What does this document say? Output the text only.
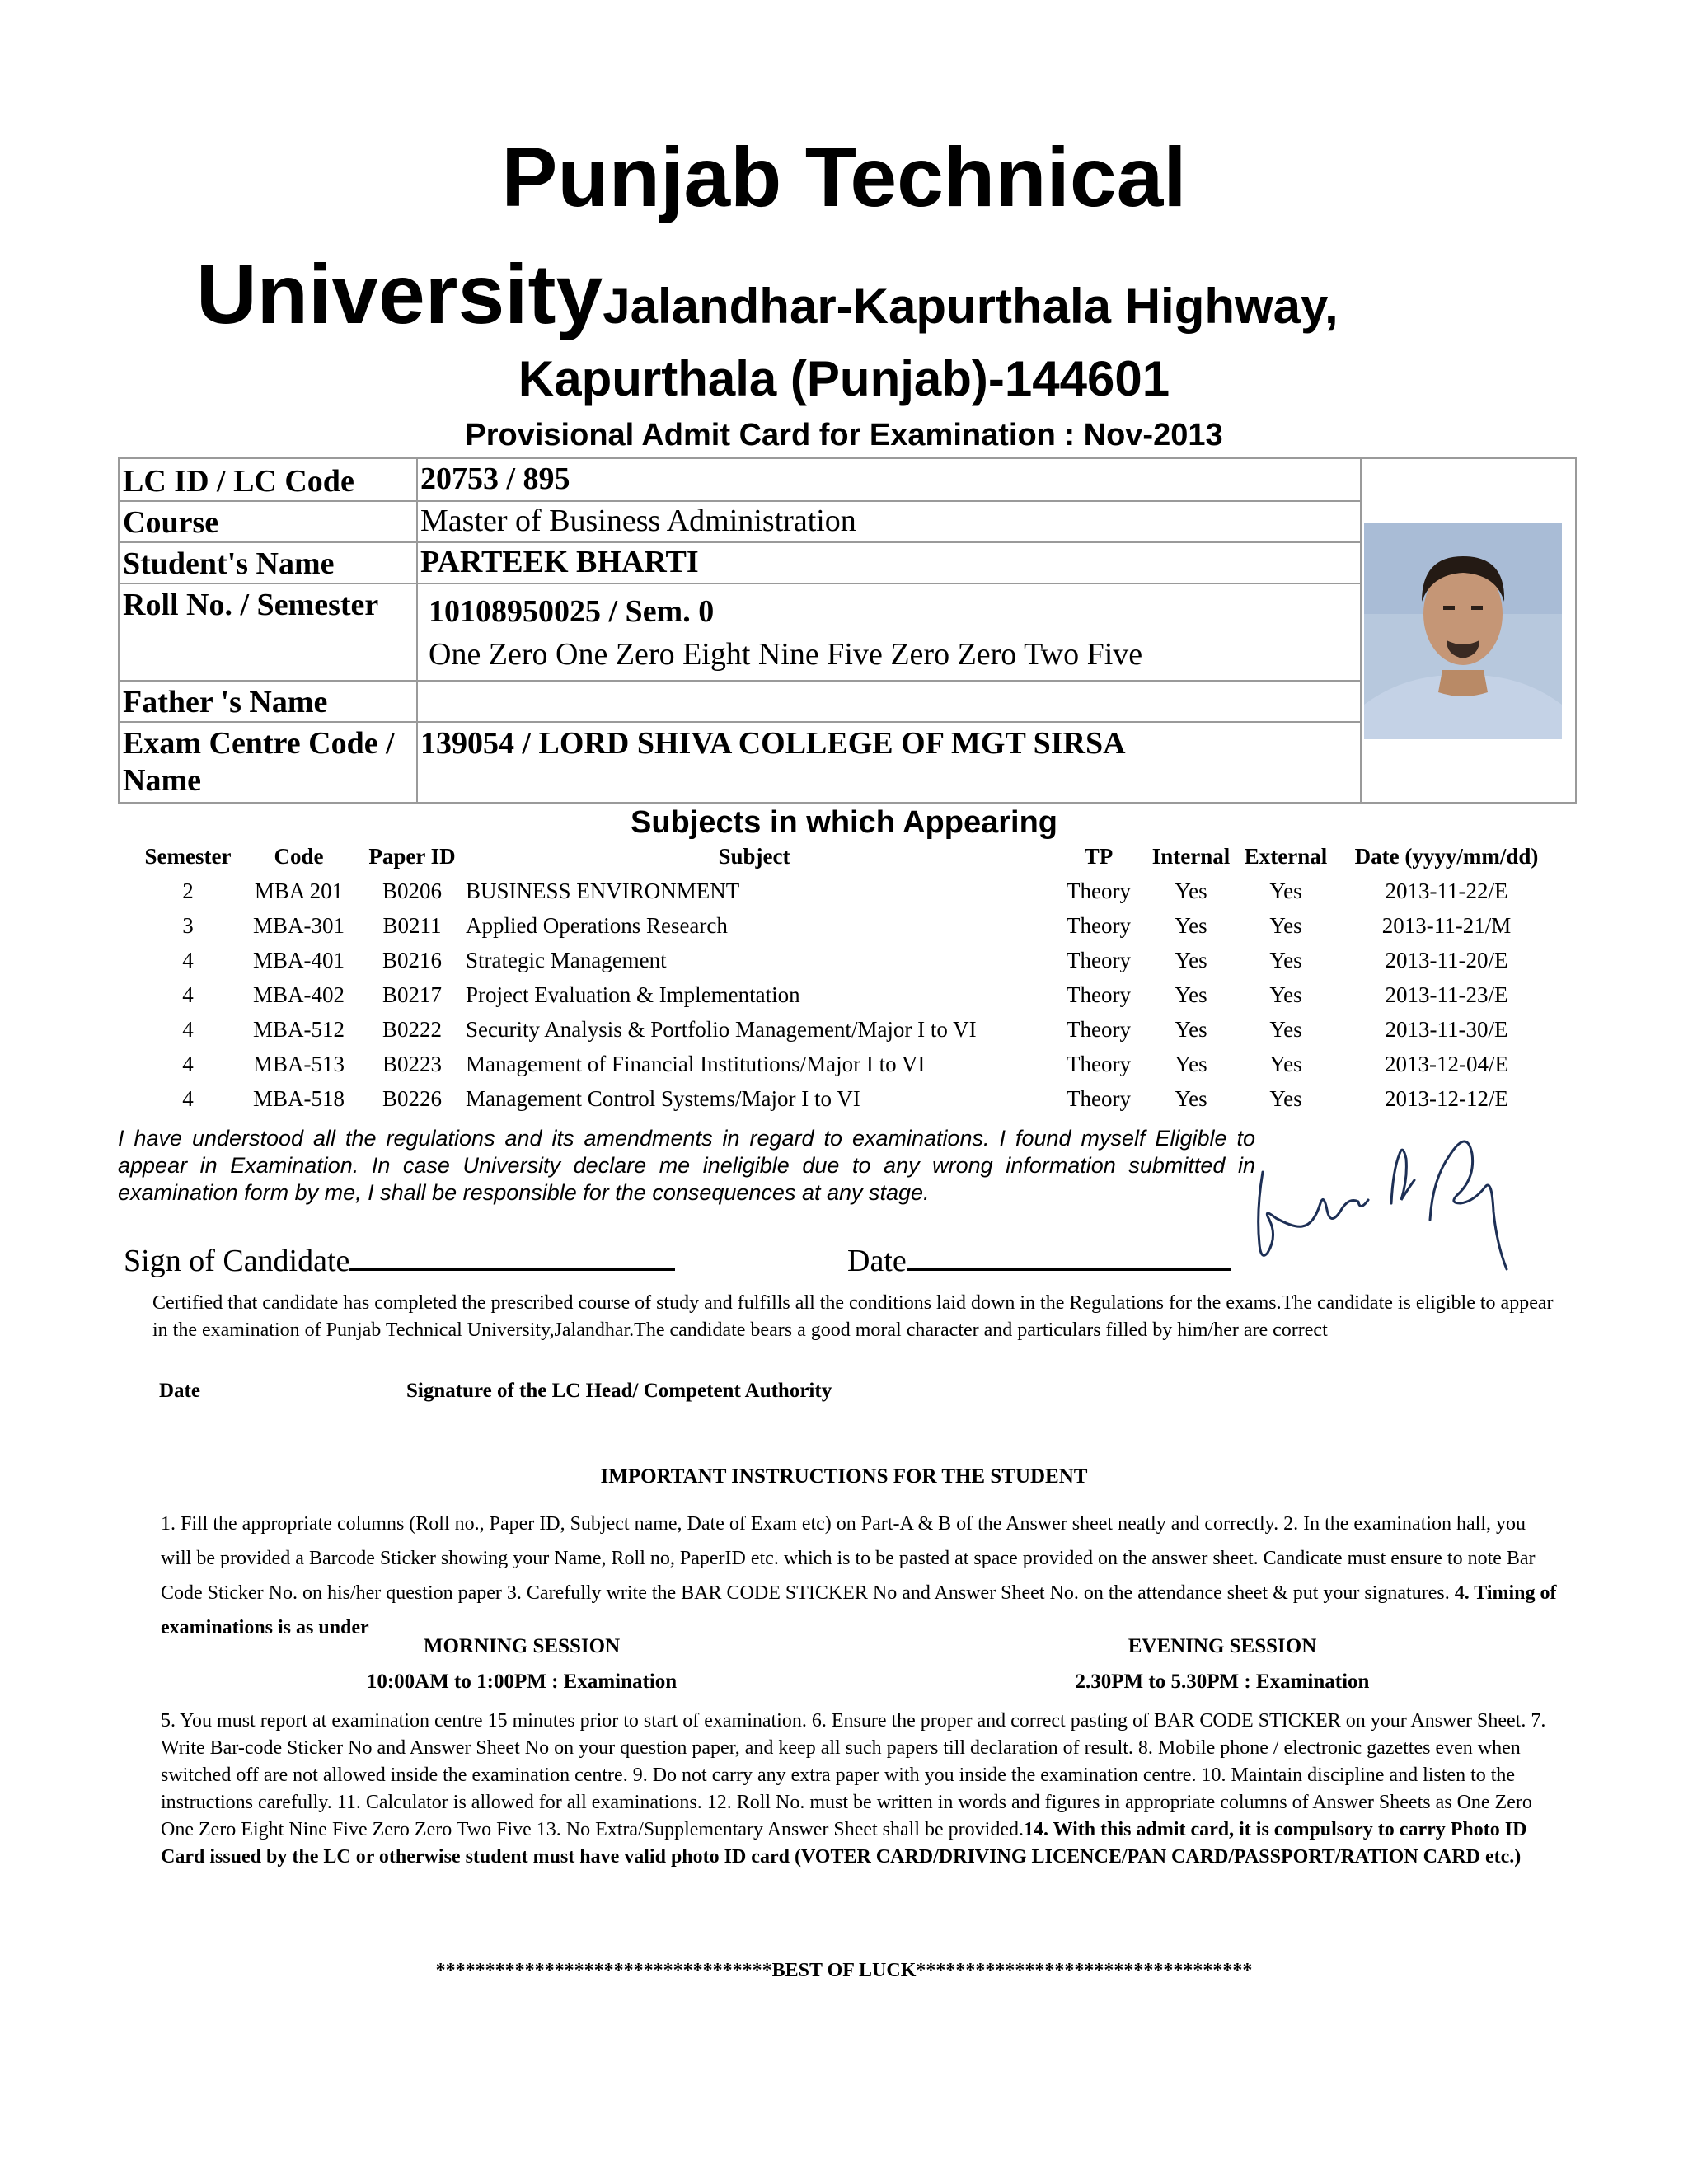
Punjab Technical
UniversityJalandhar-Kapurthala Highway,
Kapurthala (Punjab)-144601
Provisional Admit Card for Examination : Nov-2013
LC ID / LC Code 20753 / 895
Course	Master of Business Administration
Student's Name	PARTEEK BHARTI
Roll No. / Semester 10108950025 / Sem. 0
One Zero One Zero Eight Nine Five Zero Zero Two Five
Father 's Name
Exam Centre Code /
Name
139054 / LORD SHIVA COLLEGE OF MGT SIRSA
Subjects in which Appearing
Semester	Code	Paper ID	Subject	TP	Internal External	Date (yyyy/mm/dd)
2	MBA 201	B0206	BUSINESS ENVIRONMENT	Theory	Yes	Yes	2013-11-22/E
3	MBA-301	B0211	Applied Operations Research	Theory	Yes	Yes	2013-11-21/M
4	MBA-401	B0216	Strategic Management	Theory	Yes	Yes	2013-11-20/E
4	MBA-402	B0217	Project Evaluation & Implementation	Theory	Yes	Yes	2013-11-23/E
4	MBA-512	B0222	Security Analysis & Portfolio Management/Major I to VI	Theory	Yes	Yes	2013-11-30/E
4	MBA-513	B0223	Management of Financial Institutions/Major I to VI	Theory	Yes	Yes	2013-12-04/E
4	MBA-518	B0226	Management Control Systems/Major I to VI	Theory	Yes	Yes	2013-12-12/E
I have understood all the regulations and its amendments in regard to examinations. I found myself Eligible to appear in Examination. In case University declare me ineligible due to any wrong information submitted in examination form by me, I shall be responsible for the consequences at any stage.
Sign of Candidate	Date
Certified that candidate has completed the prescribed course of study and fulfills all the conditions laid down in the Regulations for the exams.The candidate is eligible to appear in the examination of Punjab Technical University,Jalandhar.The candidate bears a good moral character and particulars filled by him/her are correct
Date	Signature of the LC Head/ Competent Authority
IMPORTANT INSTRUCTIONS FOR THE STUDENT
1. Fill the appropriate columns (Roll no., Paper ID, Subject name, Date of Exam etc) on Part-A & B of the Answer sheet neatly and correctly. 2. In the examination hall, you will be provided a Barcode Sticker showing your Name, Roll no, PaperID etc. which is to be pasted at space provided on the answer sheet. Candicate must ensure to note Bar Code Sticker No. on his/her question paper 3. Carefully write the BAR CODE STICKER No and Answer Sheet No. on the attendance sheet & put your signatures. 4. Timing of examinations is as under
MORNING SESSION
10:00AM to 1:00PM : Examination
EVENING SESSION
2.30PM to 5.30PM : Examination
5. You must report at examination centre 15 minutes prior to start of examination. 6. Ensure the proper and correct pasting of BAR CODE STICKER on your Answer Sheet. 7. Write Bar-code Sticker No and Answer Sheet No on your question paper, and keep all such papers till declaration of result. 8. Mobile phone / electronic gazettes even when switched off are not allowed inside the examination centre. 9. Do not carry any extra paper with you inside the examination centre. 10. Maintain discipline and listen to the instructions carefully. 11. Calculator is allowed for all examinations. 12. Roll No. must be written in words and figures in appropriate columns of Answer Sheets as One Zero One Zero Eight Nine Five Zero Zero Two Five 13. No Extra/Supplementary Answer Sheet shall be provided.14. With this admit card, it is compulsory to carry Photo ID Card issued by the LC or otherwise student must have valid photo ID card (VOTER CARD/DRIVING LICENCE/PAN CARD/PASSPORT/RATION CARD etc.)
**********************************BEST OF LUCK**********************************
